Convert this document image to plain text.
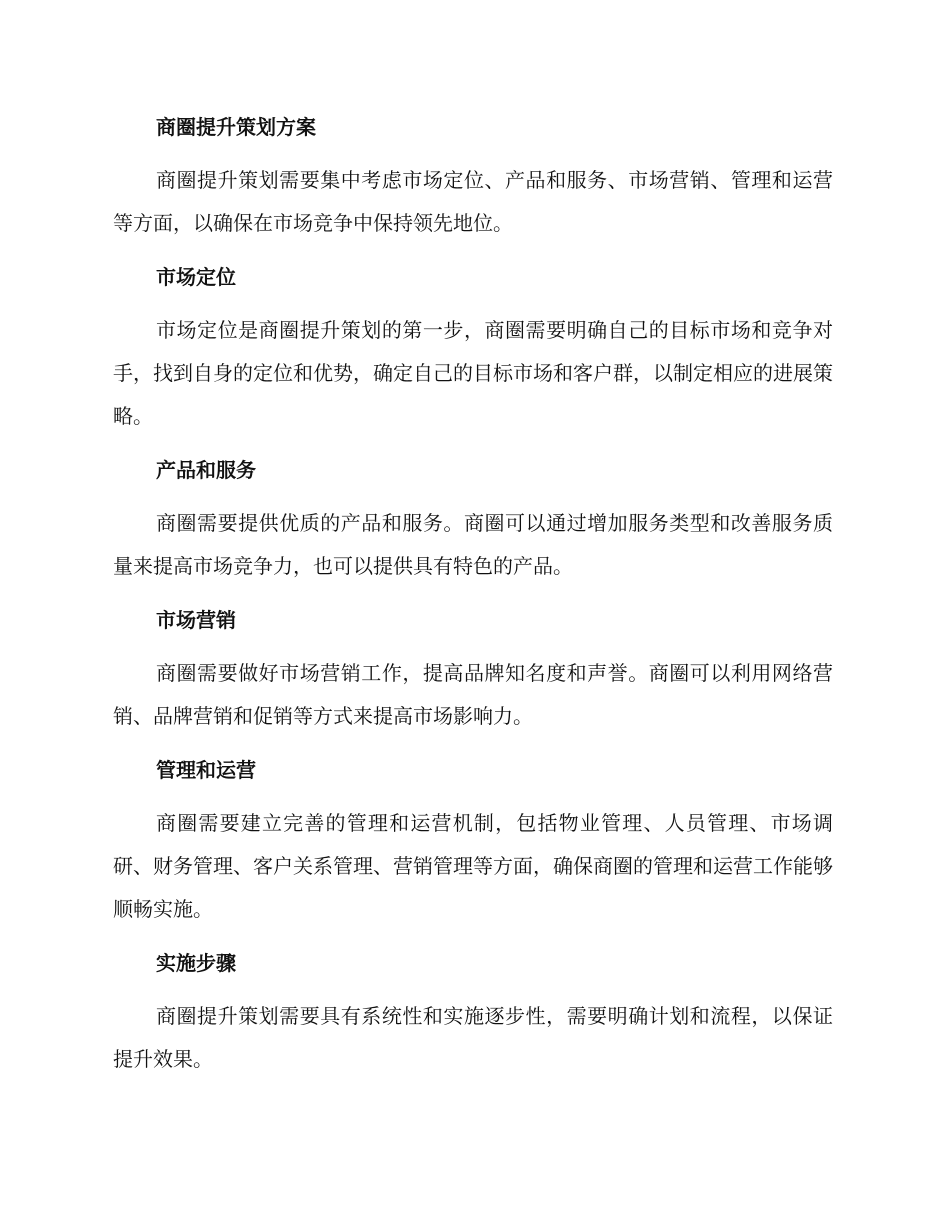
商圈提升策划方案

商圈提升策划需要集中考虑市场定位、产品和服务、市场营销、管理和运营等方面，以确保在市场竞争中保持领先地位。

市场定位

市场定位是商圈提升策划的第一步，商圈需要明确自己的目标市场和竞争对手，找到自身的定位和优势，确定自己的目标市场和客户群，以制定相应的进展策略。

产品和服务

商圈需要提供优质的产品和服务。商圈可以通过增加服务类型和改善服务质量来提高市场竞争力，也可以提供具有特色的产品。

市场营销

商圈需要做好市场营销工作，提高品牌知名度和声誉。商圈可以利用网络营销、品牌营销和促销等方式来提高市场影响力。

管理和运营

商圈需要建立完善的管理和运营机制，包括物业管理、人员管理、市场调研、财务管理、客户关系管理、营销管理等方面，确保商圈的管理和运营工作能够顺畅实施。

实施步骤

商圈提升策划需要具有系统性和实施逐步性，需要明确计划和流程，以保证提升效果。
